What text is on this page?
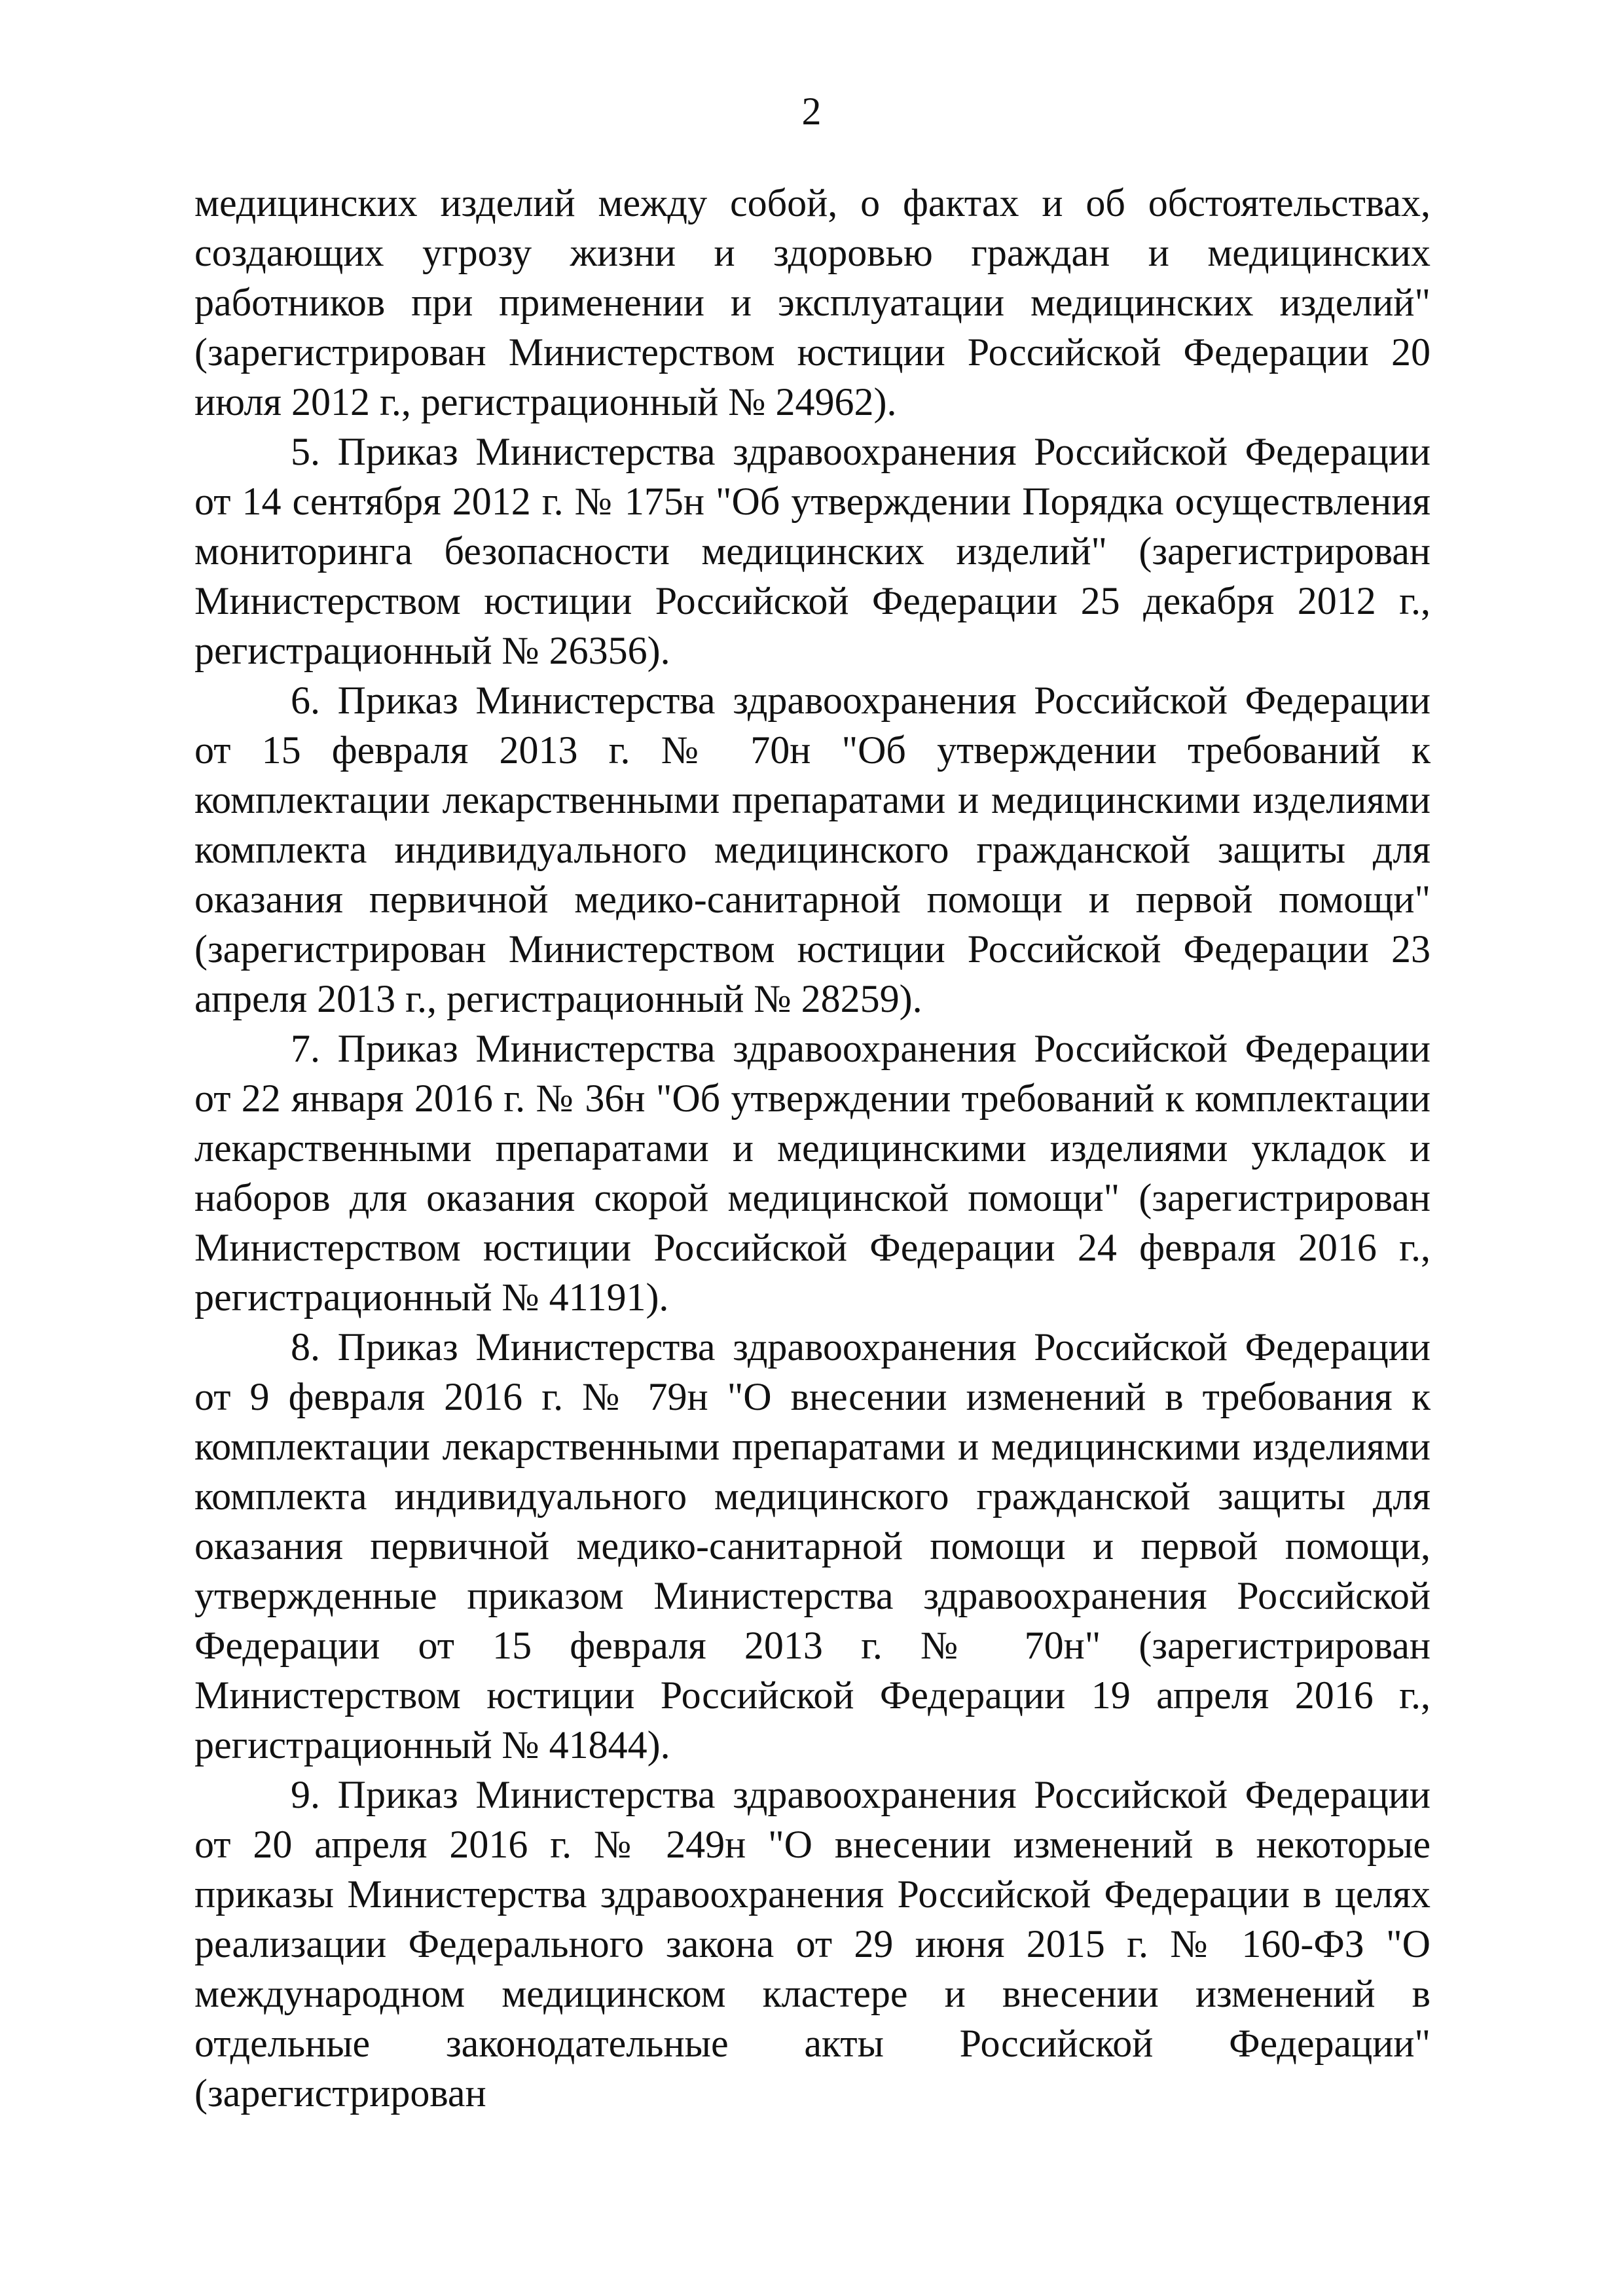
2

медицинских изделий между собой, о фактах и об обстоятельствах, создающих угрозу жизни и здоровью граждан и медицинских работников при применении и эксплуатации медицинских изделий" (зарегистрирован Министерством юстиции Российской Федерации 20 июля 2012 г., регистрационный № 24962).

5. Приказ Министерства здравоохранения Российской Федерации от 14 сентября 2012 г. № 175н "Об утверждении Порядка осуществления мониторинга безопасности медицинских изделий" (зарегистрирован Министерством юстиции Российской Федерации 25 декабря 2012 г., регистрационный № 26356).

6. Приказ Министерства здравоохранения Российской Федерации от 15 февраля 2013 г. № 70н "Об утверждении требований к комплектации лекарственными препаратами и медицинскими изделиями комплекта индивидуального медицинского гражданской защиты для оказания первичной медико-санитарной помощи и первой помощи" (зарегистрирован Министерством юстиции Российской Федерации 23 апреля 2013 г., регистрационный № 28259).

7. Приказ Министерства здравоохранения Российской Федерации от 22 января 2016 г. № 36н "Об утверждении требований к комплектации лекарственными препаратами и медицинскими изделиями укладок и наборов для оказания скорой медицинской помощи" (зарегистрирован Министерством юстиции Российской Федерации 24 февраля 2016 г., регистрационный № 41191).

8. Приказ Министерства здравоохранения Российской Федерации от 9 февраля 2016 г. № 79н "О внесении изменений в требования к комплектации лекарственными препаратами и медицинскими изделиями комплекта индивидуального медицинского гражданской защиты для оказания первичной медико-санитарной помощи и первой помощи, утвержденные приказом Министерства здравоохранения Российской Федерации от 15 февраля 2013 г. № 70н" (зарегистрирован Министерством юстиции Российской Федерации 19 апреля 2016 г., регистрационный № 41844).

9. Приказ Министерства здравоохранения Российской Федерации от 20 апреля 2016 г. № 249н "О внесении изменений в некоторые приказы Министерства здравоохранения Российской Федерации в целях реализации Федерального закона от 29 июня 2015 г. № 160-ФЗ "О международном медицинском кластере и внесении изменений в отдельные законодательные акты Российской Федерации" (зарегистрирован
